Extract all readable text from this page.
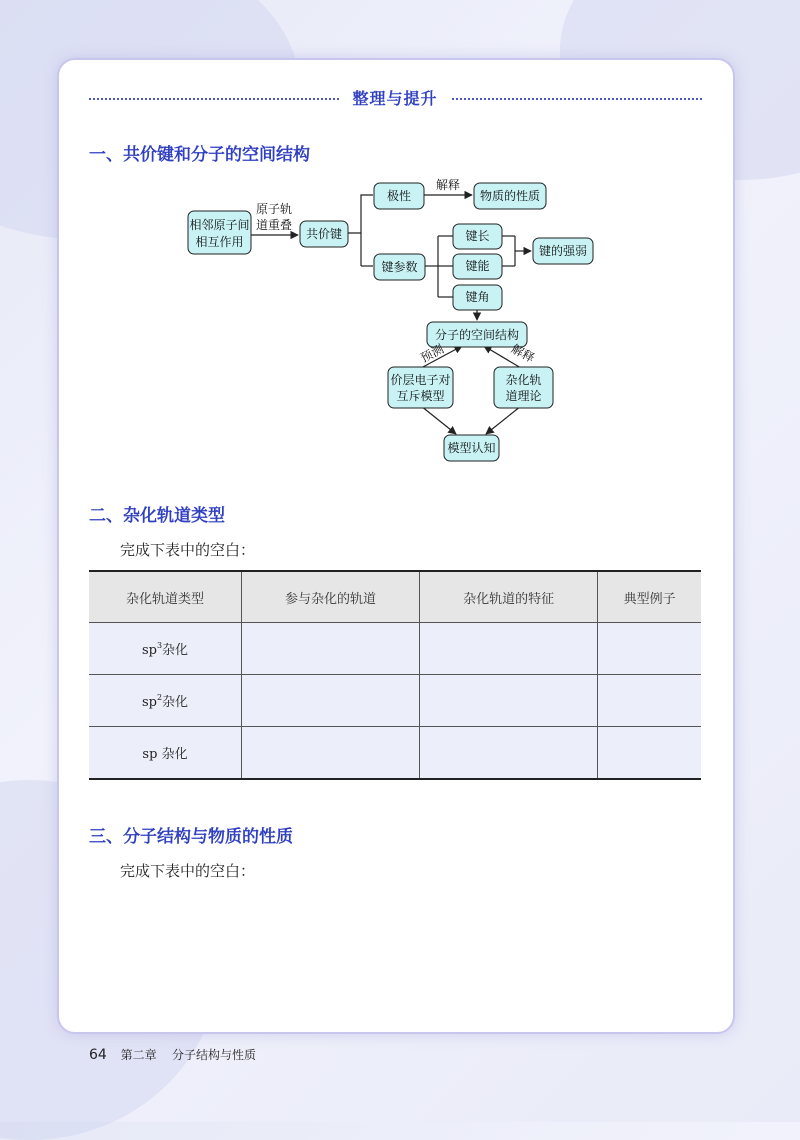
整理与提升
一、共价键和分子的空间结构
相邻原子间
相互作用
共价键
极性	物质的性质
键参数
键长
键能
键角
键的强弱
分子的空间结构
价层电子对
互斥模型
杂化轨
道理论
模型认知
原子轨
道重叠
解释
预测	解释
二、杂化轨道类型
完成下表中的空白：
杂化轨道类型	参与杂化的轨道	杂化轨道的特征	典型例子
$sp^3$杂化			
$sp^2$杂化			
sp 杂化			
三、分子结构与物质的性质
完成下表中的空白：
64 第二章 分子结构与性质
